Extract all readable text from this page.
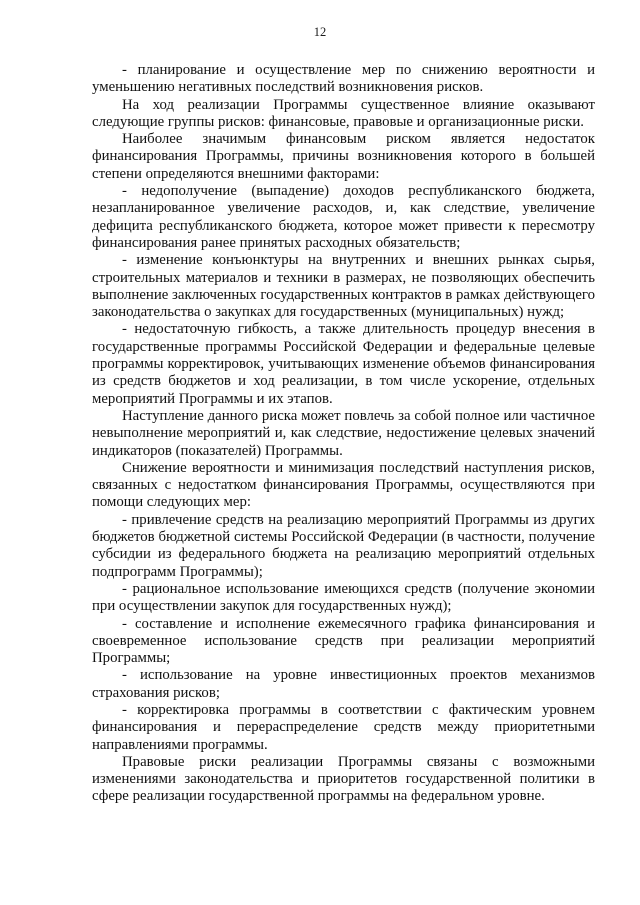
12

- планирование и осуществление мер по снижению вероятности и уменьшению негативных последствий возникновения рисков.

На ход реализации Программы существенное влияние оказывают следующие группы рисков: финансовые, правовые и организационные риски.

Наиболее значимым финансовым риском является недостаток финансирования Программы, причины возникновения которого в большей степени определяются внешними факторами:

- недополучение (выпадение) доходов республиканского бюджета, незапланированное увеличение расходов, и, как следствие, увеличение дефицита республиканского бюджета, которое может привести к пересмотру финансирования ранее принятых расходных обязательств;

- изменение конъюнктуры на внутренних и внешних рынках сырья, строительных материалов и техники в размерах, не позволяющих обеспечить выполнение заключенных государственных контрактов в рамках действующего законодательства о закупках для государственных (муниципальных) нужд;

- недостаточную гибкость, а также длительность процедур внесения в государственные программы Российской Федерации и федеральные целевые программы корректировок, учитывающих изменение объемов финансирования из средств бюджетов и ход реализации, в том числе ускорение, отдельных мероприятий Программы и их этапов.

Наступление данного риска может повлечь за собой полное или частичное невыполнение мероприятий и, как следствие, недостижение целевых значений индикаторов (показателей) Программы.

Снижение вероятности и минимизация последствий наступления рисков, связанных с недостатком финансирования Программы, осуществляются при помощи следующих мер:

- привлечение средств на реализацию мероприятий Программы из других бюджетов бюджетной системы Российской Федерации (в частности, получение субсидии из федерального бюджета на реализацию мероприятий отдельных подпрограмм Программы);

- рациональное использование имеющихся средств (получение экономии при осуществлении закупок для государственных нужд);

- составление и исполнение ежемесячного графика финансирования и своевременное использование средств при реализации мероприятий Программы;

- использование на уровне инвестиционных проектов механизмов страхования рисков;

- корректировка программы в соответствии с фактическим уровнем финансирования и перераспределение средств между приоритетными направлениями программы.

Правовые риски реализации Программы связаны с возможными изменениями законодательства и приоритетов государственной политики в сфере реализации государственной программы на федеральном уровне.
